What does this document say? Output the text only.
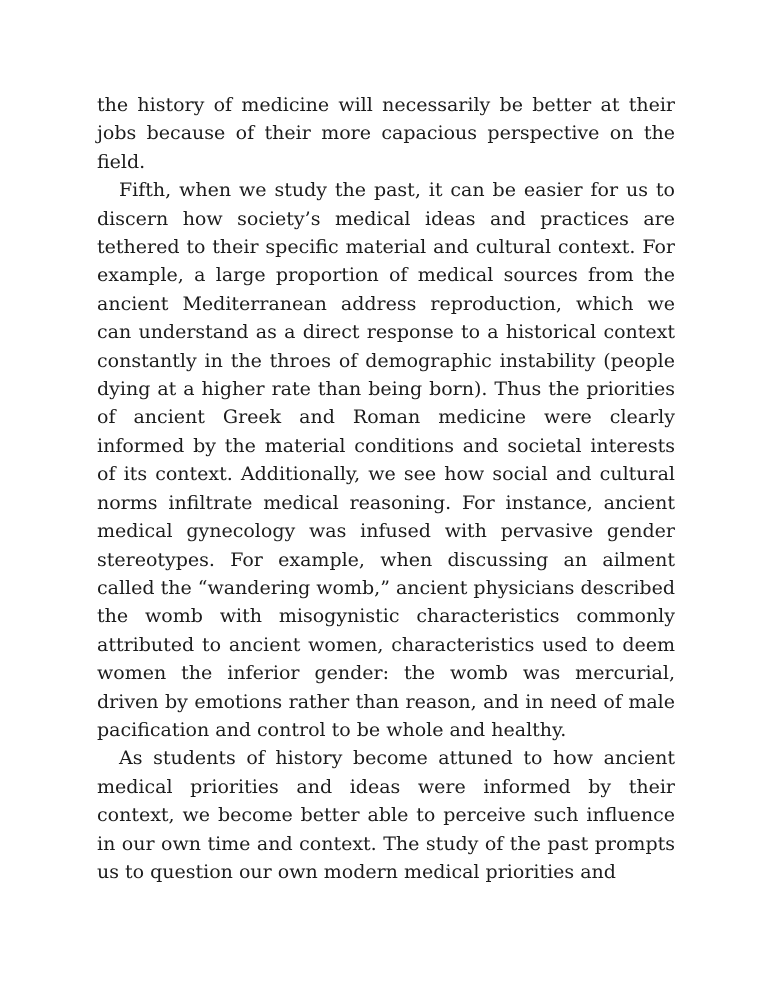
the history of medicine will necessarily be better at their jobs because of their more capacious perspective on the field.

Fifth, when we study the past, it can be easier for us to discern how society’s medical ideas and practices are tethered to their specific material and cultural context. For example, a large proportion of medical sources from the ancient Mediterranean address reproduction, which we can understand as a direct response to a historical context constantly in the throes of demographic instability (people dying at a higher rate than being born). Thus the priorities of ancient Greek and Roman medicine were clearly informed by the material conditions and societal interests of its context. Additionally, we see how social and cultural norms infiltrate medical reasoning. For instance, ancient medical gynecology was infused with pervasive gender stereotypes. For example, when discussing an ailment called the “wandering womb,” ancient physicians described the womb with misogynistic characteristics commonly attributed to ancient women, characteristics used to deem women the inferior gender: the womb was mercurial, driven by emotions rather than reason, and in need of male pacification and control to be whole and healthy.

As students of history become attuned to how ancient medical priorities and ideas were informed by their context, we become better able to perceive such influence in our own time and context. The study of the past prompts us to question our own modern medical priorities and
